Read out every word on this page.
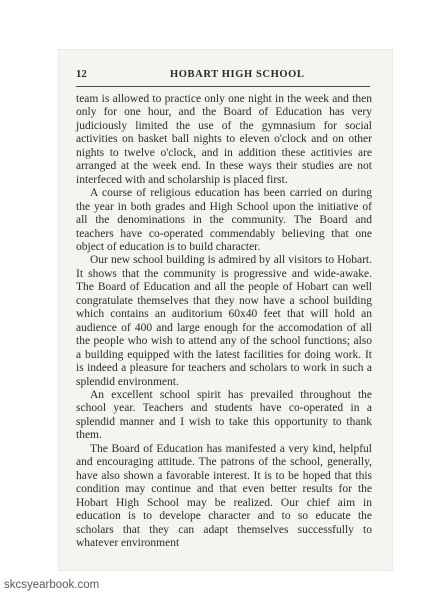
12	HOBART HIGH SCHOOL

team is allowed to practice only one night in the week and then only for one hour, and the Board of Education has very judiciously limited the use of the gymnasium for social activities on basket ball nights to eleven o'clock and on other nights to twelve o'clock, and in addition these actitivies are arranged at the week end. In these ways their studies are not interfeced with and scholarship is placed first.

A course of religious education has been carried on during the year in both grades and High School upon the initiative of all the denominations in the community. The Board and teachers have co-operated commendably believing that one object of education is to build character.

Our new school building is admired by all visitors to Hobart. It shows that the community is progressive and wide-awake. The Board of Education and all the people of Hobart can well congratulate themselves that they now have a school building which contains an auditorium 60x40 feet that will hold an audience of 400 and large enough for the accomodation of all the people who wish to attend any of the school functions; also a building equipped with the latest facilities for doing work. It is indeed a pleasure for teachers and scholars to work in such a splendid environment.

An excellent school spirit has prevailed throughout the school year. Teachers and students have co-operated in a splendid manner and I wish to take this opportunity to thank them.

The Board of Education has manifested a very kind, helpful and encouraging attitude. The patrons of the school, generally, have also shown a favorable interest. It is to be hoped that this condition may continue and that even better results for the Hobart High School may be realized. Our chief aim in education is to develope character and to so educate the scholars that they can adapt themselves successfully to whatever environment

skcsyearbook.com
